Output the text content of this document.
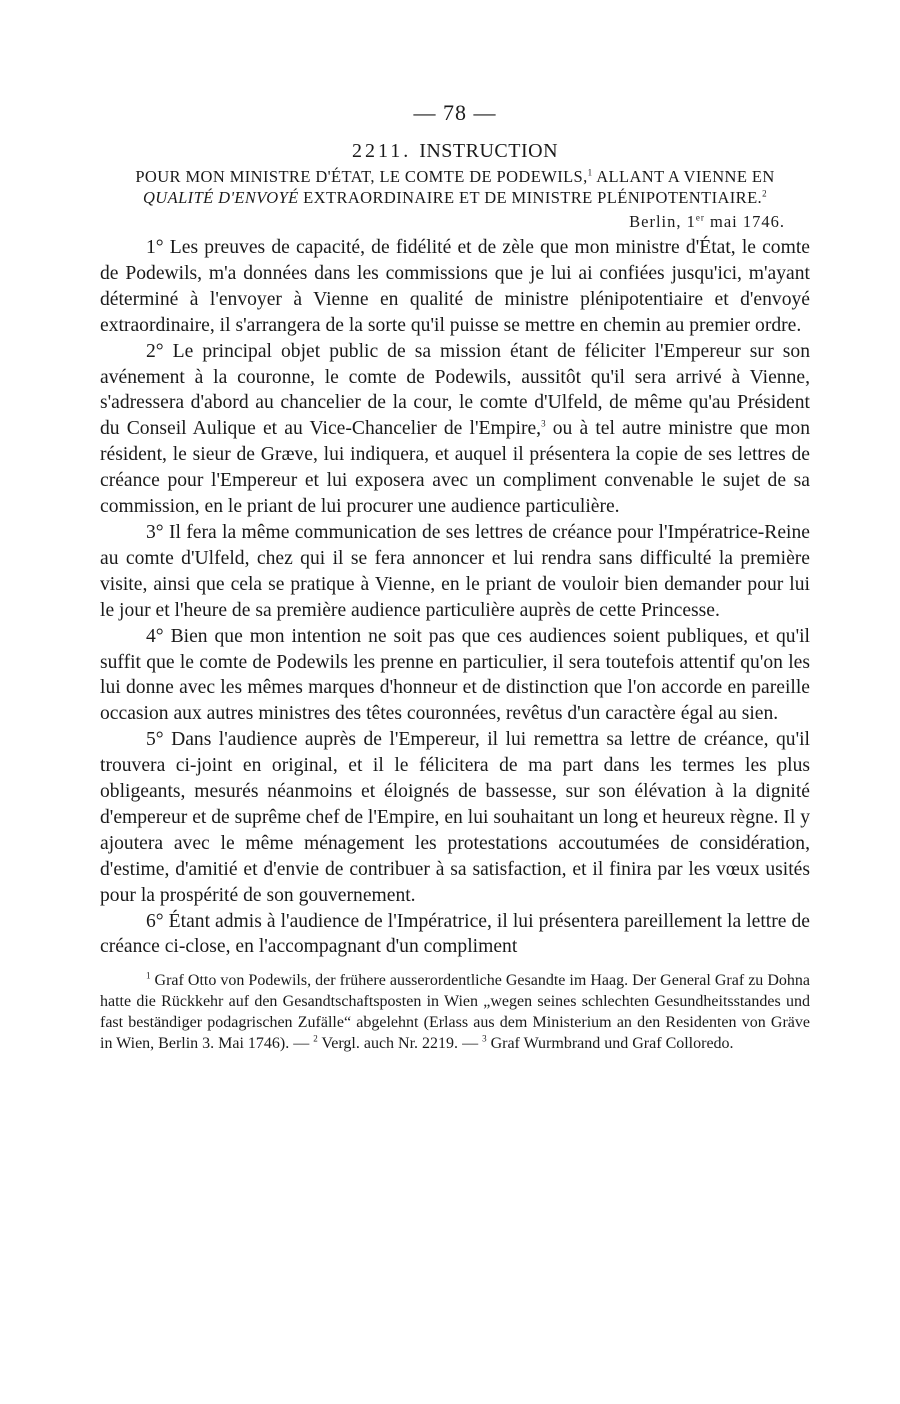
— 78 —
2211. INSTRUCTION
POUR MON MINISTRE D'ÉTAT, LE COMTE DE PODEWILS,$^1$ ALLANT A VIENNE EN QUALITÉ D'ENVOYÉ EXTRAORDINAIRE ET DE MINISTRE PLÉNIPOTENTIAIRE.$^2$
Berlin, 1er mai 1746.

1° Les preuves de capacité, de fidélité et de zèle que mon ministre d'État, le comte de Podewils, m'a données dans les commissions que je lui ai confiées jusqu'ici, m'ayant déterminé à l'envoyer à Vienne en qualité de ministre plénipotentiaire et d'envoyé extraordinaire, il s'arrangera de la sorte qu'il puisse se mettre en chemin au premier ordre.

2° Le principal objet public de sa mission étant de féliciter l'Empereur sur son avénement à la couronne, le comte de Podewils, aussitôt qu'il sera arrivé à Vienne, s'adressera d'abord au chancelier de la cour, le comte d'Ulfeld, de même qu'au Président du Conseil Aulique et au Vice-Chancelier de l'Empire,$^3$ ou à tel autre ministre que mon résident, le sieur de Græve, lui indiquera, et auquel il présentera la copie de ses lettres de créance pour l'Empereur et lui exposera avec un compliment convenable le sujet de sa commission, en le priant de lui procurer une audience particulière.

3° Il fera la même communication de ses lettres de créance pour l'Impératrice-Reine au comte d'Ulfeld, chez qui il se fera annoncer et lui rendra sans difficulté la première visite, ainsi que cela se pratique à Vienne, en le priant de vouloir bien demander pour lui le jour et l'heure de sa première audience particulière auprès de cette Princesse.

4° Bien que mon intention ne soit pas que ces audiences soient publiques, et qu'il suffit que le comte de Podewils les prenne en particulier, il sera toutefois attentif qu'on les lui donne avec les mêmes marques d'honneur et de distinction que l'on accorde en pareille occasion aux autres ministres des têtes couronnées, revêtus d'un caractère égal au sien.

5° Dans l'audience auprès de l'Empereur, il lui remettra sa lettre de créance, qu'il trouvera ci-joint en original, et il le félicitera de ma part dans les termes les plus obligeants, mesurés néanmoins et éloignés de bassesse, sur son élévation à la dignité d'empereur et de suprême chef de l'Empire, en lui souhaitant un long et heureux règne. Il y ajoutera avec le même ménagement les protestations accoutumées de considération, d'estime, d'amitié et d'envie de contribuer à sa satisfaction, et il finira par les vœux usités pour la prospérité de son gouvernement.

6° Étant admis à l'audience de l'Impératrice, il lui présentera pareillement la lettre de créance ci-close, en l'accompagnant d'un compliment

$^1$ Graf Otto von Podewils, der frühere ausserordentliche Gesandte im Haag. Der General Graf zu Dohna hatte die Rückkehr auf den Gesandtschaftsposten in Wien „wegen seines schlechten Gesundheitsstandes und fast beständiger podagrischen Zufälle“ abgelehnt (Erlass aus dem Ministerium an den Residenten von Gräve in Wien, Berlin 3. Mai 1746). — $^2$ Vergl. auch Nr. 2219. — $^3$ Graf Wurmbrand und Graf Colloredo.
